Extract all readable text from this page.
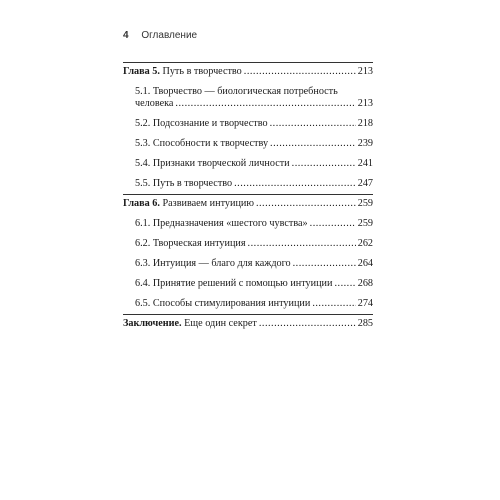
4 Оглавление
Глава 5. Путь в творчество .....	213
5.1. Творчество — биологическая потребность
человека .....	213
5.2. Подсознание и творчество .....	218
5.3. Способности к творчеству .....	239
5.4. Признаки творческой личности .....	241
5.5. Путь в творчество .....	247
Глава 6. Развиваем интуицию .....	259
6.1. Предназначения «шестого чувства» .....	259
6.2. Творческая интуиция .....	262
6.3. Интуиция — благо для каждого .....	264
6.4. Принятие решений с помощью интуиции ..... 268
6.5. Способы стимулирования интуиции .....	274
Заключение. Еще один секрет .....	285
